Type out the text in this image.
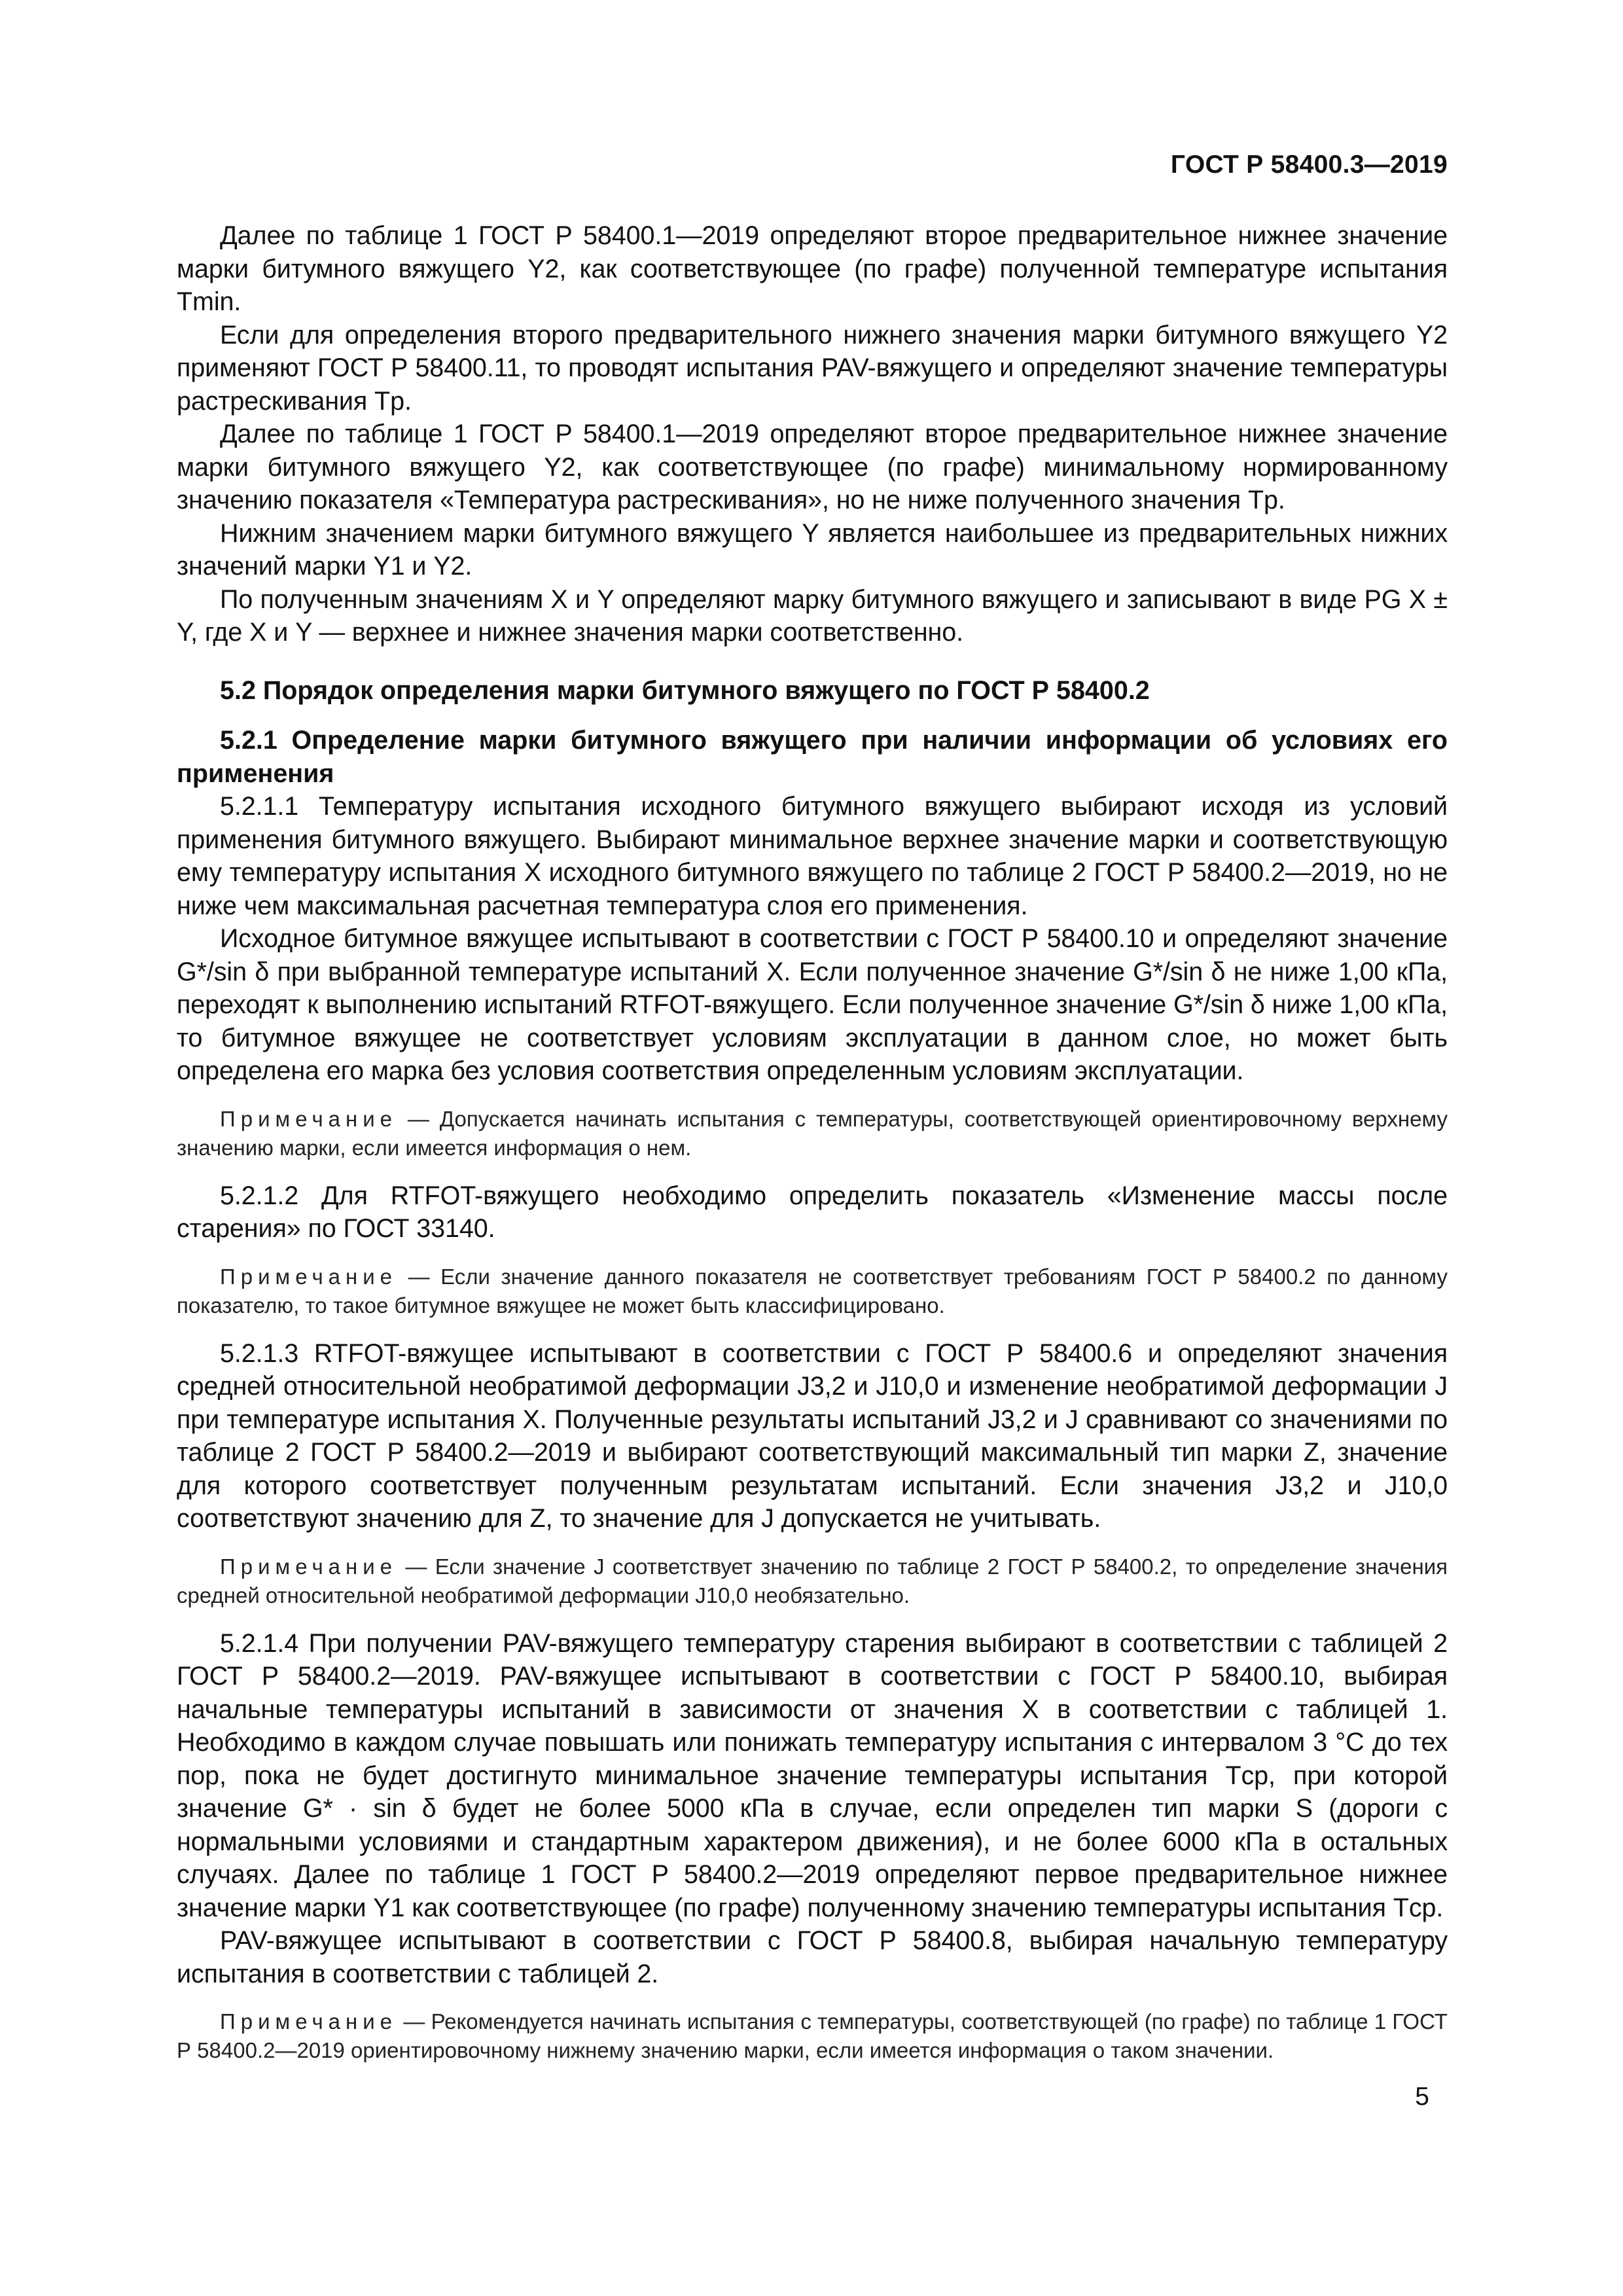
ГОСТ Р 58400.3—2019

Далее по таблице 1 ГОСТ Р 58400.1—2019 определяют второе предварительное нижнее значение марки битумного вяжущего Y2, как соответствующее (по графе) полученной температуре испытания Tmin.

Если для определения второго предварительного нижнего значения марки битумного вяжущего Y2 применяют ГОСТ Р 58400.11, то проводят испытания PAV-вяжущего и определяют значение температуры растрескивания Tр.

Далее по таблице 1 ГОСТ Р 58400.1—2019 определяют второе предварительное нижнее значение марки битумного вяжущего Y2, как соответствующее (по графе) минимальному нормированному значению показателя «Температура растрескивания», но не ниже полученного значения Tр.

Нижним значением марки битумного вяжущего Y является наибольшее из предварительных нижних значений марки Y1 и Y2.

По полученным значениям X и Y определяют марку битумного вяжущего и записывают в виде PG X ± Y, где X и Y — верхнее и нижнее значения марки соответственно.

5.2 Порядок определения марки битумного вяжущего по ГОСТ Р 58400.2

5.2.1 Определение марки битумного вяжущего при наличии информации об условиях его применения

5.2.1.1 Температуру испытания исходного битумного вяжущего выбирают исходя из условий применения битумного вяжущего. Выбирают минимальное верхнее значение марки и соответствующую ему температуру испытания X исходного битумного вяжущего по таблице 2 ГОСТ Р 58400.2—2019, но не ниже чем максимальная расчетная температура слоя его применения.

Исходное битумное вяжущее испытывают в соответствии с ГОСТ Р 58400.10 и определяют значение G*/sin δ при выбранной температуре испытаний X. Если полученное значение G*/sin δ не ниже 1,00 кПа, переходят к выполнению испытаний RTFOT-вяжущего. Если полученное значение G*/sin δ ниже 1,00 кПа, то битумное вяжущее не соответствует условиям эксплуатации в данном слое, но может быть определена его марка без условия соответствия определенным условиям эксплуатации.

Примечание — Допускается начинать испытания с температуры, соответствующей ориентировочному верхнему значению марки, если имеется информация о нем.

5.2.1.2 Для RTFOT-вяжущего необходимо определить показатель «Изменение массы после старения» по ГОСТ 33140.

Примечание — Если значение данного показателя не соответствует требованиям ГОСТ Р 58400.2 по данному показателю, то такое битумное вяжущее не может быть классифицировано.

5.2.1.3 RTFOT-вяжущее испытывают в соответствии с ГОСТ Р 58400.6 и определяют значения средней относительной необратимой деформации J3,2 и J10,0 и изменение необратимой деформации J при температуре испытания X. Полученные результаты испытаний J3,2 и J сравнивают со значениями по таблице 2 ГОСТ Р 58400.2—2019 и выбирают соответствующий максимальный тип марки Z, значение для которого соответствует полученным результатам испытаний. Если значения J3,2 и J10,0 соответствуют значению для Z, то значение для J допускается не учитывать.

Примечание — Если значение J соответствует значению по таблице 2 ГОСТ Р 58400.2, то определение значения средней относительной необратимой деформации J10,0 необязательно.

5.2.1.4 При получении PAV-вяжущего температуру старения выбирают в соответствии с таблицей 2 ГОСТ Р 58400.2—2019. PAV-вяжущее испытывают в соответствии с ГОСТ Р 58400.10, выбирая начальные температуры испытаний в зависимости от значения X в соответствии с таблицей 1. Необходимо в каждом случае повышать или понижать температуру испытания с интервалом 3 °С до тех пор, пока не будет достигнуто минимальное значение температуры испытания Tср, при которой значение G* · sin δ будет не более 5000 кПа в случае, если определен тип марки S (дороги с нормальными условиями и стандартным характером движения), и не более 6000 кПа в остальных случаях. Далее по таблице 1 ГОСТ Р 58400.2—2019 определяют первое предварительное нижнее значение марки Y1 как соответствующее (по графе) полученному значению температуры испытания Tср.

PAV-вяжущее испытывают в соответствии с ГОСТ Р 58400.8, выбирая начальную температуру испытания в соответствии с таблицей 2.

Примечание — Рекомендуется начинать испытания с температуры, соответствующей (по графе) по таблице 1 ГОСТ Р 58400.2—2019 ориентировочному нижнему значению марки, если имеется информация о таком значении.

5
